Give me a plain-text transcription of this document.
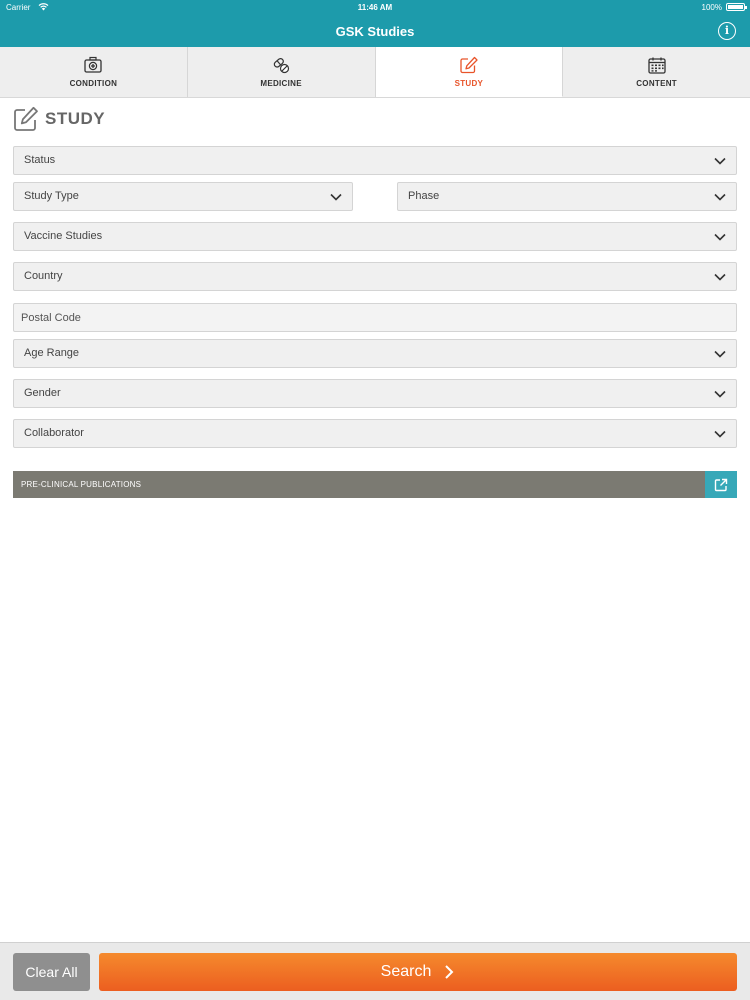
Carrier	11:46 AM	100%
GSK Studies	i
CONDITION	MEDICINE	STUDY	CONTENT
STUDY
Status
Study Type	Phase
Vaccine Studies
Country
Postal Code
Age Range
Gender
Collaborator
PRE-CLINICAL PUBLICATIONS
Clear All	Search
